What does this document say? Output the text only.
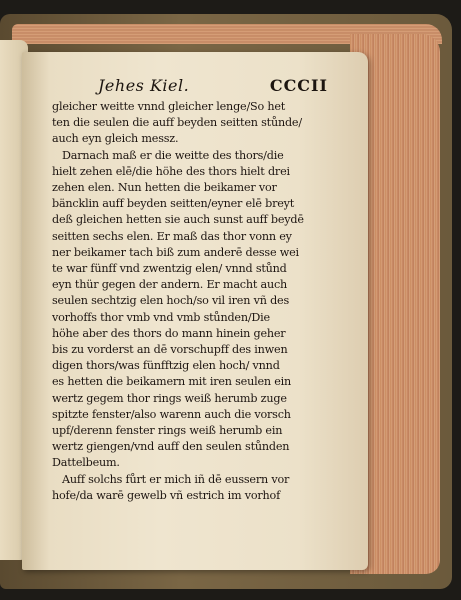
Jehes Kiel.	CCCII
gleicher weitte vnnd gleicher lenge/So het
ten die seulen die auff beyden seitten stůnde/
auch eyn gleich messz.
Darnach maß er die weitte des thors/die
hielt zehen elē/die höhe des thors hielt drei
zehen elen. Nun hetten die beikamer vor
bäncklin auff beyden seitten/eyner elē breyt
deß gleichen hetten sie auch sunst auff beydē
seitten sechs elen. Er maß das thor vonn ey
ner beikamer tach biß zum anderē desse wei
te war fünff vnd zwentzig elen/ vnnd stůnd
eyn thür gegen der andern. Er macht auch
seulen sechtzig elen hoch/so vil iren vñ des
vorhoffs thor vmb vnd vmb stůnden/Die
höhe aber des thors do mann hinein geher
bis zu vorderst an dē vorschupff des inwen
digen thors/was fünfftzig elen hoch/ vnnd
es hetten die beikamern mit iren seulen ein
wertz gegem thor rings weiß herumb zuge
spitzte fenster/also warenn auch die vorsch
upf/derenn fenster rings weiß herumb ein
wertz giengen/vnd auff den seulen stůnden
Dattelbeum.
Auff solchs fůrt er mich iñ dē eussern vor
hofe/da warē gewelb vñ estrich im vorhof
